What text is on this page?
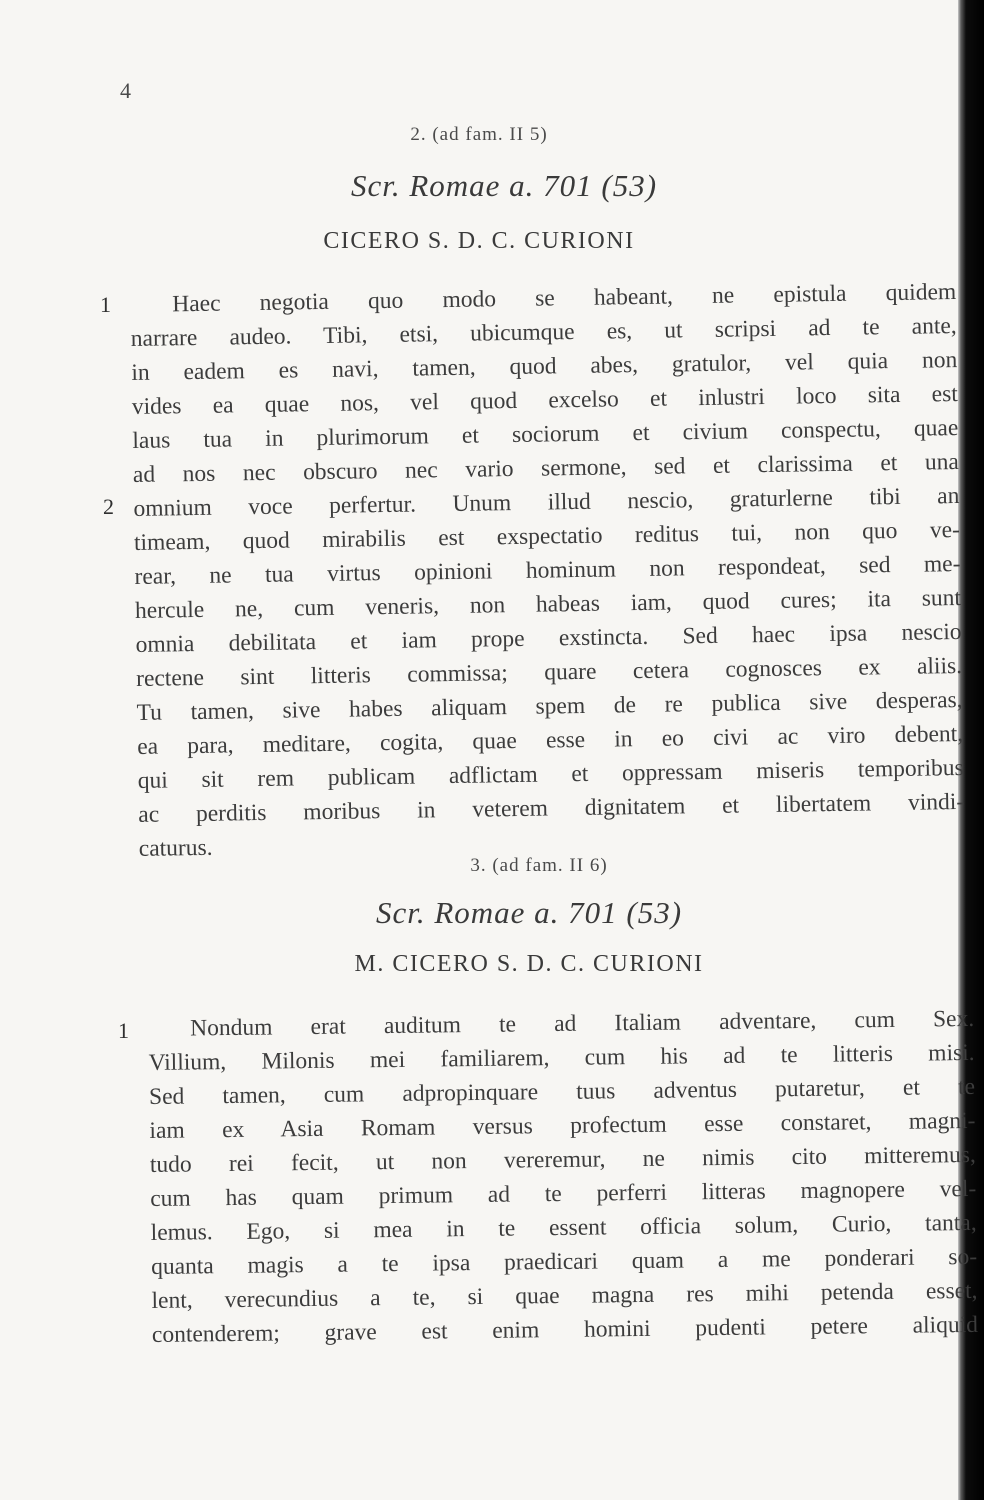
4
2. (ad fam. II 5)
Scr. Romae a. 701 (53)
CICERO S. D. C. CURIONI
1
2
Haec negotia quo modo se habeant, ne epistula quidem
narrare audeo. Tibi, etsi, ubicumque es, ut scripsi ad te ante,
in eadem es navi, tamen, quod abes, gratulor, vel quia non
vides ea quae nos, vel quod excelso et inlustri loco sita est
laus tua in plurimorum et sociorum et civium conspectu, quae
ad nos nec obscuro nec vario sermone, sed et clarissima et una
omnium voce perfertur. Unum illud nescio, graturlerne tibi an
timeam, quod mirabilis est exspectatio reditus tui, non quo ve-
rear, ne tua virtus opinioni hominum non respondeat, sed me-
hercule ne, cum veneris, non habeas iam, quod cures; ita sunt
omnia debilitata et iam prope exstincta. Sed haec ipsa nescio
rectene sint litteris commissa; quare cetera cognosces ex aliis.
Tu tamen, sive habes aliquam spem de re publica sive desperas,
ea para, meditare, cogita, quae esse in eo civi ac viro debent,
qui sit rem publicam adflictam et oppressam miseris temporibus
ac perditis moribus in veterem dignitatem et libertatem vindi-
caturus.
3. (ad fam. II 6)
Scr. Romae a. 701 (53)
M. CICERO S. D. C. CURIONI
1	Nondum erat auditum te ad Italiam adventare, cum Sex.
Villium, Milonis mei familiarem, cum his ad te litteris misi.
Sed tamen, cum adpropinquare tuus adventus putaretur, et te
iam ex Asia Romam versus profectum esse constaret, magni-
tudo rei fecit, ut non vereremur, ne nimis cito mitteremus,
cum has quam primum ad te perferri litteras magnopere vel-
lemus. Ego, si mea in te essent officia solum, Curio, tanta,
quanta magis a te ipsa praedicari quam a me ponderari so-
lent, verecundius a te, si quae magna res mihi petenda esset,
contenderem; grave est enim homini pudenti petere aliquid
